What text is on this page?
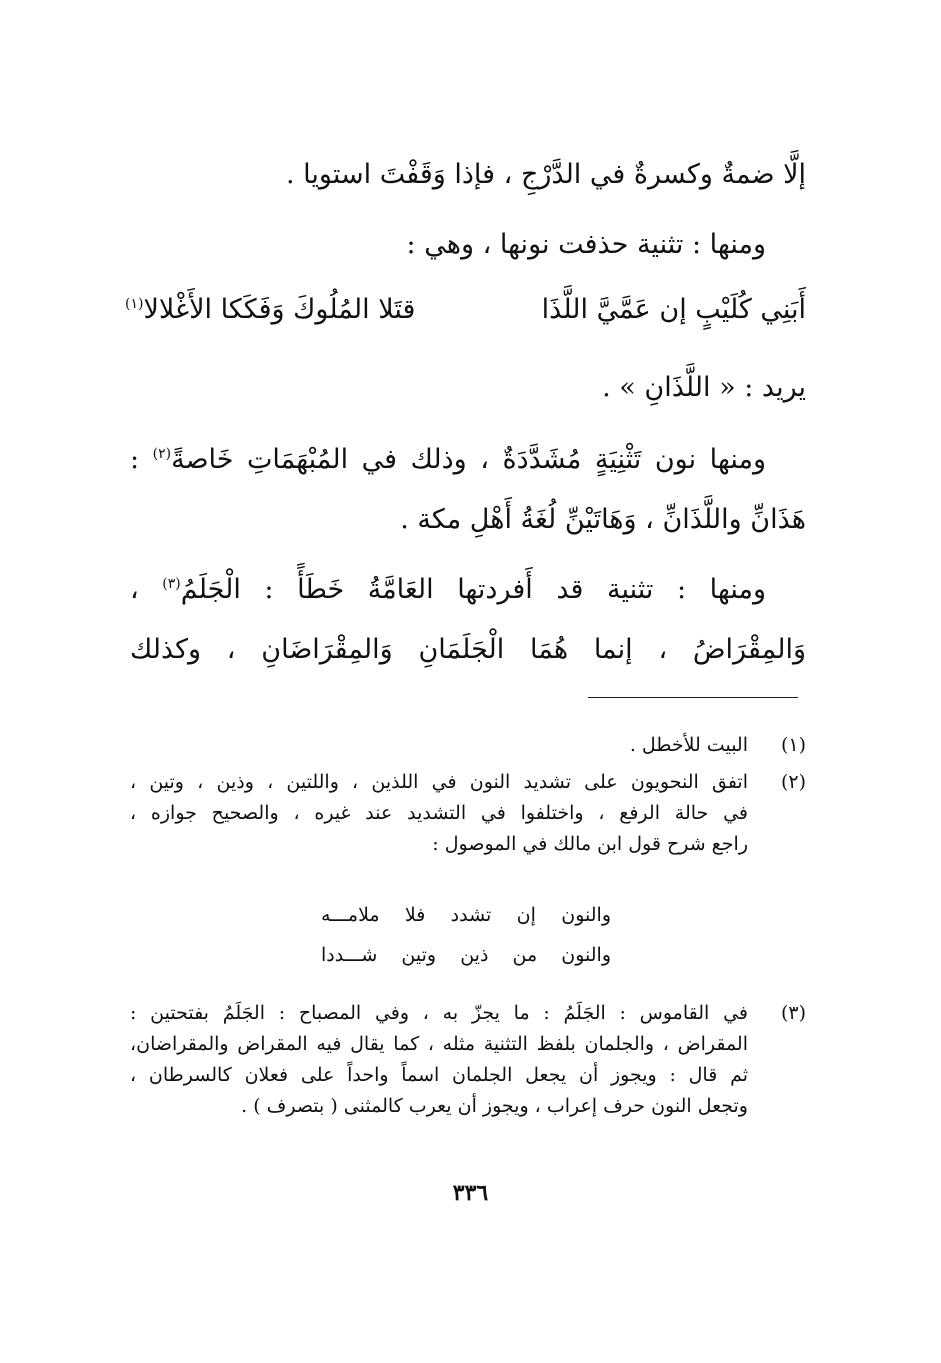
إلَّا ضمةٌ وكسرةٌ في الدَّرْجِ ، فإذا وَقَفْتَ استويا .
ومنها : تثنية حذفت نونها ، وهي :
أَبَنِي كُلَيْبٍ إن عَمَّيَّ اللَّذَا
قتَلا المُلُوكَ وَفَكَكا الأَغْلالا$^{(١)}$
يريد : « اللَّذَانِ » .
ومنها نون تَثْنِيَةٍ مُشَدَّدَةٌ ، وذلك في المُبْهَمَاتِ خَاصةً$^{(٢)}$ :
هَذَانِّ واللَّذَانِّ ، وَهَاتَيْنِّ لُغَةُ أَهْلِ مكة .
ومنها : تثنية قد أَفردتها العَامَّةُ خَطَأً : الْجَلَمُ$^{(٣)}$ ،
وَالمِقْرَاضُ ، إنما هُمَا الْجَلَمَانِ وَالمِقْرَاضَانِ ، وكذلك
(١)
البيت للأخطل .
(٢)
اتفق النحويون على تشديد النون في اللذين ، واللتين ، وذين ، وتين ،
في حالة الرفع ، واختلفوا في التشديد عند غيره ، والصحيح جوازه ،
راجع شرح قول ابن مالك في الموصول :
والنون إن تشدد فلا ملامـــه
والنون من ذين وتين شـــددا
(٣)
في القاموس : الجَلَمُ : ما يجزّ به ، وفي المصباح : الجَلَمُ بفتحتين :
المقراض ، والجلمان بلفظ التثنية مثله ، كما يقال فيه المقراض والمقراضان،
ثم قال : ويجوز أن يجعل الجلمان اسماً واحداً على فعلان كالسرطان ،
وتجعل النون حرف إعراب ، ويجوز أن يعرب كالمثنى ( بتصرف ) .
٣٣٦
